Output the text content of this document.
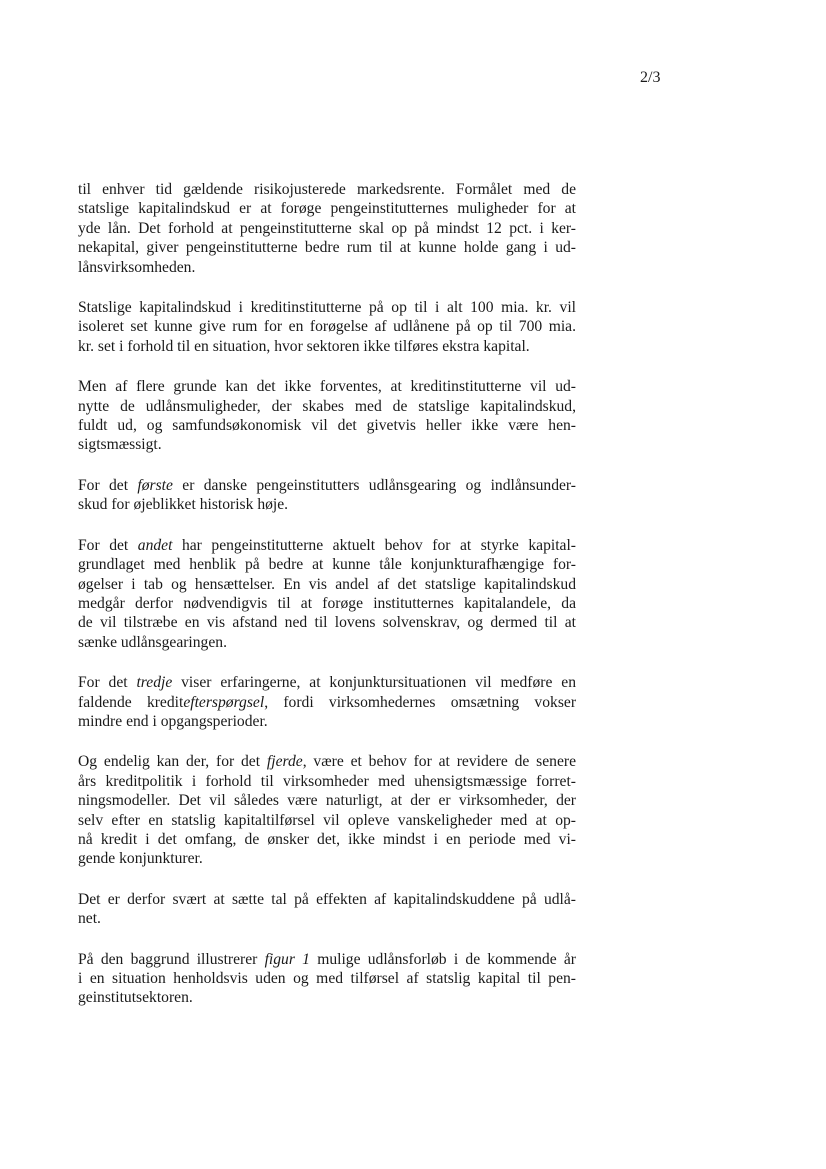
2/3

til enhver tid gældende risikojusterede markedsrente. Formålet med de
statslige kapitalindskud er at forøge pengeinstitutternes muligheder for at
yde lån. Det forhold at pengeinstitutterne skal op på mindst 12 pct. i ker-
nekapital, giver pengeinstitutterne bedre rum til at kunne holde gang i ud-
lånsvirksomheden.

Statslige kapitalindskud i kreditinstitutterne på op til i alt 100 mia. kr. vil
isoleret set kunne give rum for en forøgelse af udlånene på op til 700 mia.
kr. set i forhold til en situation, hvor sektoren ikke tilføres ekstra kapital.

Men af flere grunde kan det ikke forventes, at kreditinstitutterne vil ud-
nytte de udlånsmuligheder, der skabes med de statslige kapitalindskud,
fuldt ud, og samfundsøkonomisk vil det givetvis heller ikke være hen-
sigtsmæssigt.

For det første er danske pengeinstitutters udlånsgearing og indlånsunder-
skud for øjeblikket historisk høje.

For det andet har pengeinstitutterne aktuelt behov for at styrke kapital-
grundlaget med henblik på bedre at kunne tåle konjunkturafhængige for-
øgelser i tab og hensættelser. En vis andel af det statslige kapitalindskud
medgår derfor nødvendigvis til at forøge institutternes kapitalandele, da
de vil tilstræbe en vis afstand ned til lovens solvenskrav, og dermed til at
sænke udlånsgearingen.

For det tredje viser erfaringerne, at konjunktursituationen vil medføre en
faldende kreditefterspørgsel, fordi virksomhedernes omsætning vokser
mindre end i opgangsperioder.

Og endelig kan der, for det fjerde, være et behov for at revidere de senere
års kreditpolitik i forhold til virksomheder med uhensigtsmæssige forret-
ningsmodeller. Det vil således være naturligt, at der er virksomheder, der
selv efter en statslig kapitaltilførsel vil opleve vanskeligheder med at op-
nå kredit i det omfang, de ønsker det, ikke mindst i en periode med vi-
gende konjunkturer.

Det er derfor svært at sætte tal på effekten af kapitalindskuddene på udlå-
net.

På den baggrund illustrerer figur 1 mulige udlånsforløb i de kommende år
i en situation henholdsvis uden og med tilførsel af statslig kapital til pen-
geinstitutsektoren.
